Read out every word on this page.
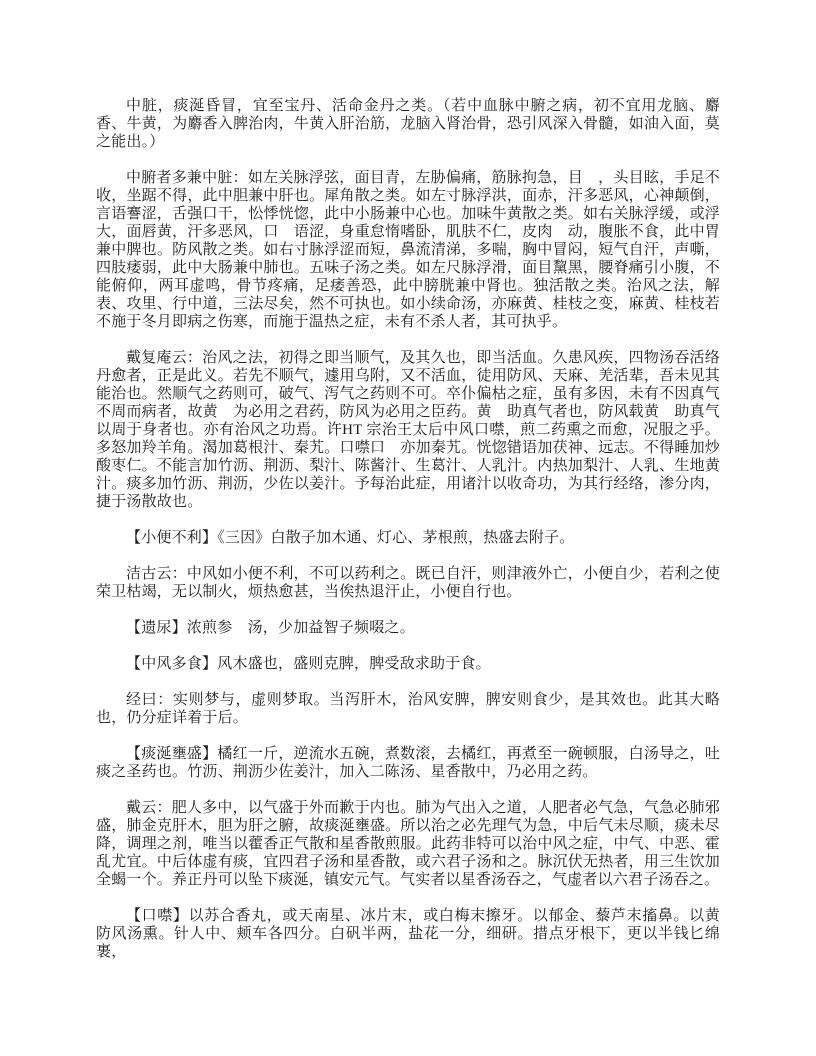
中脏，痰涎昏冒，宜至宝丹、活命金丹之类。（若中血脉中腑之病，初不宜用龙脑、麝香、牛黄，为麝香入脾治肉，牛黄入肝治筋，龙脑入肾治骨，恐引风深入骨髓，如油入面，莫之能出。）

中腑者多兼中脏：如左关脉浮弦，面目青，左胁偏痛，筋脉拘急，目　，头目眩，手足不收，坐踞不得，此中胆兼中肝也。犀角散之类。如左寸脉浮洪，面赤，汗多恶风，心神颠倒，言语謇涩，舌强口干，忪悸恍惚，此中小肠兼中心也。加味牛黄散之类。如右关脉浮缓，或浮大，面唇黄，汗多恶风，口　语涩，身重怠惰嗜卧，肌肤不仁，皮肉　动，腹胀不食，此中胃兼中脾也。防风散之类。如右寸脉浮涩而短，鼻流清涕，多喘，胸中冒闷，短气自汗，声嘶，四肢痿弱，此中大肠兼中肺也。五味子汤之类。如左尺脉浮滑，面目黧黑，腰脊痛引小腹，不能俯仰，两耳虚鸣，骨节疼痛，足痿善恐，此中膀胱兼中肾也。独活散之类。治风之法，解表、攻里、行中道，三法尽矣，然不可执也。如小续命汤，亦麻黄、桂枝之变，麻黄、桂枝若不施于冬月即病之伤寒，而施于温热之症，未有不杀人者，其可执乎。

戴复庵云：治风之法，初得之即当顺气，及其久也，即当活血。久患风疾，四物汤吞活络丹愈者，正是此义。若先不顺气，遽用乌附，又不活血，徒用防风、天麻、羌活辈，吾未见其能治也。然顺气之药则可，破气、泻气之药则不可。卒仆偏枯之症，虽有多因，未有不因真气不周而病者，故黄　为必用之君药，防风为必用之臣药。黄　助真气者也，防风载黄　助真气以周于身者也。亦有治风之功焉。许HT 宗治王太后中风口噤，煎二药熏之而愈，况服之乎。多怒加羚羊角。渴加葛根汁、秦艽。口噤口　亦加秦艽。恍惚错语加茯神、远志。不得睡加炒酸枣仁。不能言加竹沥、荆沥、梨汁、陈酱汁、生葛汁、人乳汁。内热加梨汁、人乳、生地黄汁。痰多加竹沥、荆沥，少佐以姜汁。予每治此症，用诸汁以收奇功，为其行经络，渗分肉，捷于汤散故也。

【小便不利】《三因》白散子加木通、灯心、茅根煎，热盛去附子。

洁古云：中风如小便不利，不可以药利之。既已自汗，则津液外亡，小便自少，若利之使荣卫枯竭，无以制火，烦热愈甚，当俟热退汗止，小便自行也。

【遗尿】浓煎参　汤，少加益智子频啜之。

【中风多食】风木盛也，盛则克脾，脾受敌求助于食。

经曰：实则梦与，虚则梦取。当泻肝木，治风安脾，脾安则食少，是其效也。此其大略也，仍分症详着于后。

【痰涎壅盛】橘红一斤，逆流水五碗，煮数滚，去橘红，再煮至一碗顿服，白汤导之，吐痰之圣药也。竹沥、荆沥少佐姜汁，加入二陈汤、星香散中，乃必用之药。

戴云：肥人多中，以气盛于外而歉于内也。肺为气出入之道，人肥者必气急，气急必肺邪盛，肺金克肝木，胆为肝之腑，故痰涎壅盛。所以治之必先理气为急，中后气未尽顺，痰未尽降，调理之剂，唯当以藿香正气散和星香散煎服。此药非特可以治中风之症，中气、中恶、霍乱尤宜。中后体虚有痰，宜四君子汤和星香散，或六君子汤和之。脉沉伏无热者，用三生饮加全蝎一个。养正丹可以坠下痰涎，镇安元气。气实者以星香汤吞之，气虚者以六君子汤吞之。

【口噤】以苏合香丸，或天南星、冰片末，或白梅末擦牙。以郁金、藜芦末搐鼻。以黄　防风汤熏。针人中、颊车各四分。白矾半两，盐花一分，细研。措点牙根下，更以半钱匕绵裹，
